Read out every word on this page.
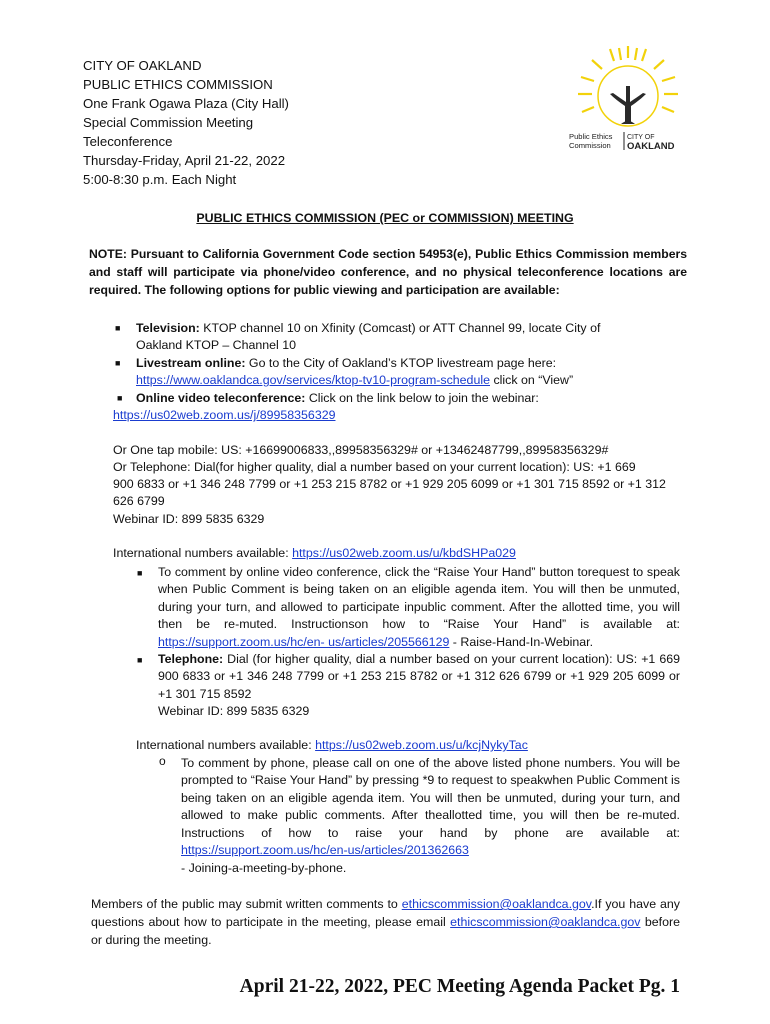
CITY OF OAKLAND
PUBLIC ETHICS COMMISSION
One Frank Ogawa Plaza (City Hall)
Special Commission Meeting
Teleconference
Thursday-Friday, April 21-22, 2022
5:00-8:30 p.m. Each Night
Public Ethics
Commission
CITY OF
OAKLAND
PUBLIC ETHICS COMMISSION (PEC or COMMISSION) MEETING
NOTE: Pursuant to California Government Code section 54953(e), Public Ethics Commission members and staff will participate via phone/video conference, and no physical teleconference locations are required. The following options for public viewing and participation are available:
■ Television: KTOP channel 10 on Xfinity (Comcast) or ATT Channel 99, locate City of
Oakland KTOP – Channel 10
■ Livestream online: Go to the City of Oakland’s KTOP livestream page here:
https://www.oaklandca.gov/services/ktop-tv10-program-schedule click on “View”
■ Online video teleconference: Click on the link below to join the webinar:
https://us02web.zoom.us/j/89958356329
Or One tap mobile: US: +16699006833,,89958356329# or +13462487799,,89958356329#
Or Telephone: Dial(for higher quality, dial a number based on your current location): US: +1 669
900 6833 or +1 346 248 7799 or +1 253 215 8782 or +1 929 205 6099 or +1 301 715 8592 or +1 312
626 6799
Webinar ID: 899 5835 6329
International numbers available: https://us02web.zoom.us/u/kbdSHPa029
■ To comment by online video conference, click the “Raise Your Hand” button torequest to speak when Public Comment is being taken on an eligible agenda item. You will then be unmuted, during your turn, and allowed to participate inpublic comment. After the allotted time, you will then be re-muted. Instructionson how to “Raise Your Hand” is available at: https://support.zoom.us/hc/en- us/articles/205566129 - Raise-Hand-In-Webinar.
■ Telephone: Dial (for higher quality, dial a number based on your current location): US: +1 669 900 6833 or +1 346 248 7799 or +1 253 215 8782 or +1 312 626 6799 or +1 929 205 6099 or +1 301 715 8592
Webinar ID: 899 5835 6329
International numbers available: https://us02web.zoom.us/u/kcjNykyTac
o To comment by phone, please call on one of the above listed phone numbers. You will be prompted to “Raise Your Hand” by pressing *9 to request to speakwhen Public Comment is being taken on an eligible agenda item. You will then be unmuted, during your turn, and allowed to make public comments. After theallotted time, you will then be re-muted. Instructions of how to raise your hand by phone are available at: https://support.zoom.us/hc/en-us/articles/201362663
- Joining-a-meeting-by-phone.
Members of the public may submit written comments to ethicscommission@oaklandca.gov.If you have any questions about how to participate in the meeting, please email ethicscommission@oaklandca.gov before or during the meeting.
April 21-22, 2022, PEC Meeting Agenda Packet Pg. 1
